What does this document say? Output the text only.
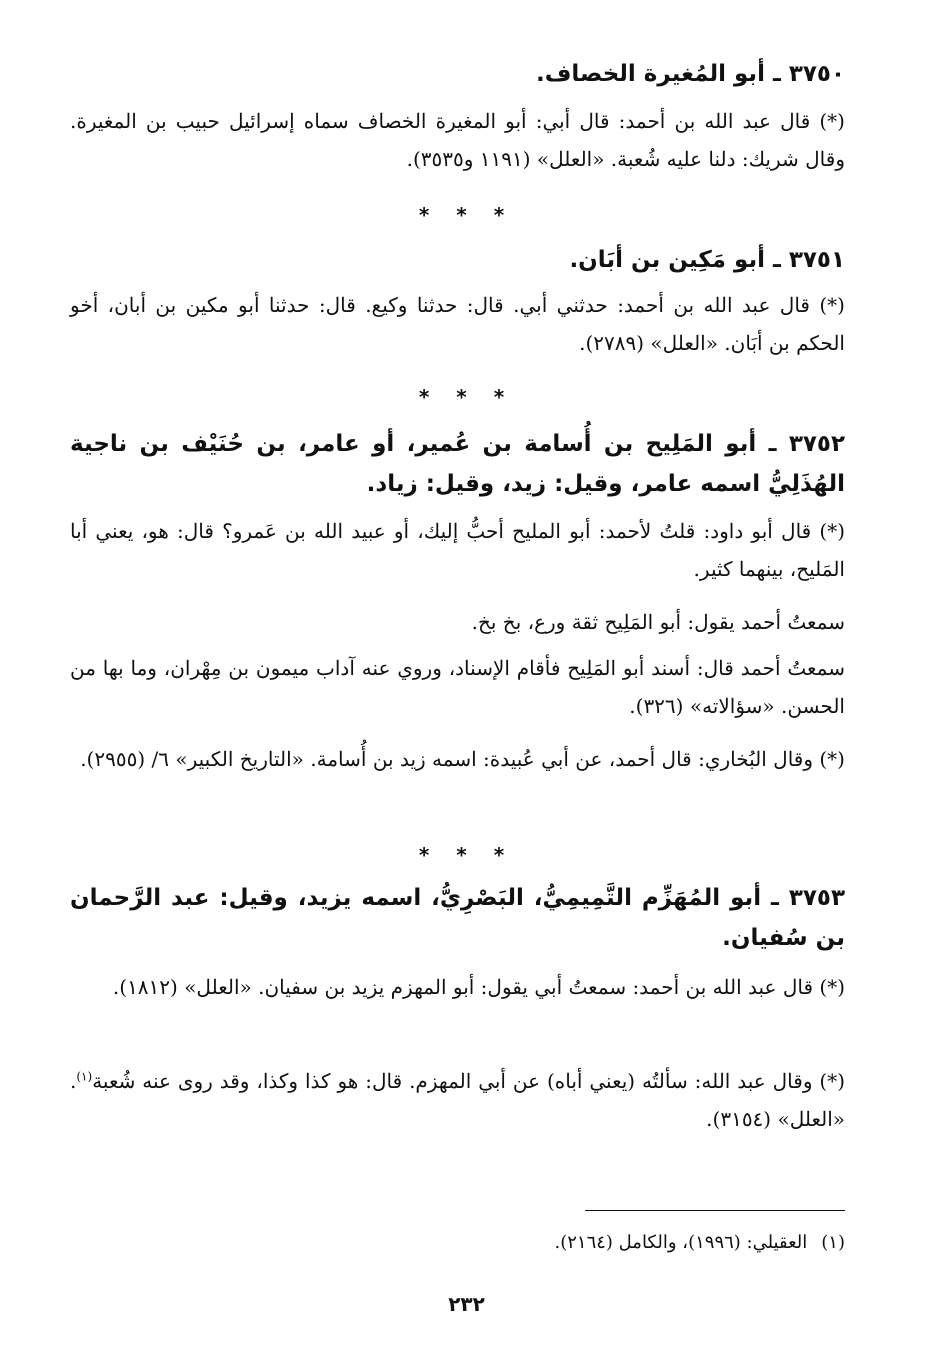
٣٧٥٠ ـ أبو المُغيرة الخصاف.
(*) قال عبد الله بن أحمد: قال أبي: أبو المغيرة الخصاف سماه إسرائيل حبيب بن المغيرة. وقال شريك: دلنا عليه شُعبة. «العلل» (١١٩١ و٣٥٣٥).
* * *
٣٧٥١ ـ أبو مَكِين بن أبَان.
(*) قال عبد الله بن أحمد: حدثني أبي. قال: حدثنا وكيع. قال: حدثنا أبو مكين بن أبان، أخو الحكم بن أبَان. «العلل» (٢٧٨٩).
* * *
٣٧٥٢ ـ أبو المَلِيح بن أُسامة بن عُمير، أو عامر، بن حُنَيْف بن ناجية الهُذَلِيُّ اسمه عامر، وقيل: زيد، وقيل: زياد.
(*) قال أبو داود: قلتُ لأحمد: أبو المليح أحبُّ إليك، أو عبيد الله بن عَمرو؟ قال: هو، يعني أبا المَليح، بينهما كثير.
سمعتُ أحمد يقول: أبو المَلِيح ثقة ورع، بخ بخ.
سمعتُ أحمد قال: أسند أبو المَلِيح فأقام الإسناد، وروي عنه آداب ميمون بن مِهْران، وما بها من الحسن. «سؤالاته» (٣٢٦).
(*) وقال البُخاري: قال أحمد، عن أبي عُبيدة: اسمه زيد بن أُسامة. «التاريخ الكبير» ٦/ (٢٩٥٥).
* * *
٣٧٥٣ ـ أبو المُهَزِّم التَّمِيمِيُّ، البَصْرِيُّ، اسمه يزيد، وقيل: عبد الرَّحمان بن سُفيان.
(*) قال عبد الله بن أحمد: سمعتُ أبي يقول: أبو المهزم يزيد بن سفيان. «العلل» (١٨١٢).
(*) وقال عبد الله: سألتُه (يعني أباه) عن أبي المهزم. قال: هو كذا وكذا، وقد روى عنه شُعبة$^{(١)}$. «العلل» (٣١٥٤).
(١)العقيلي: (١٩٩٦)، والكامل (٢١٦٤).
٢٣٢
